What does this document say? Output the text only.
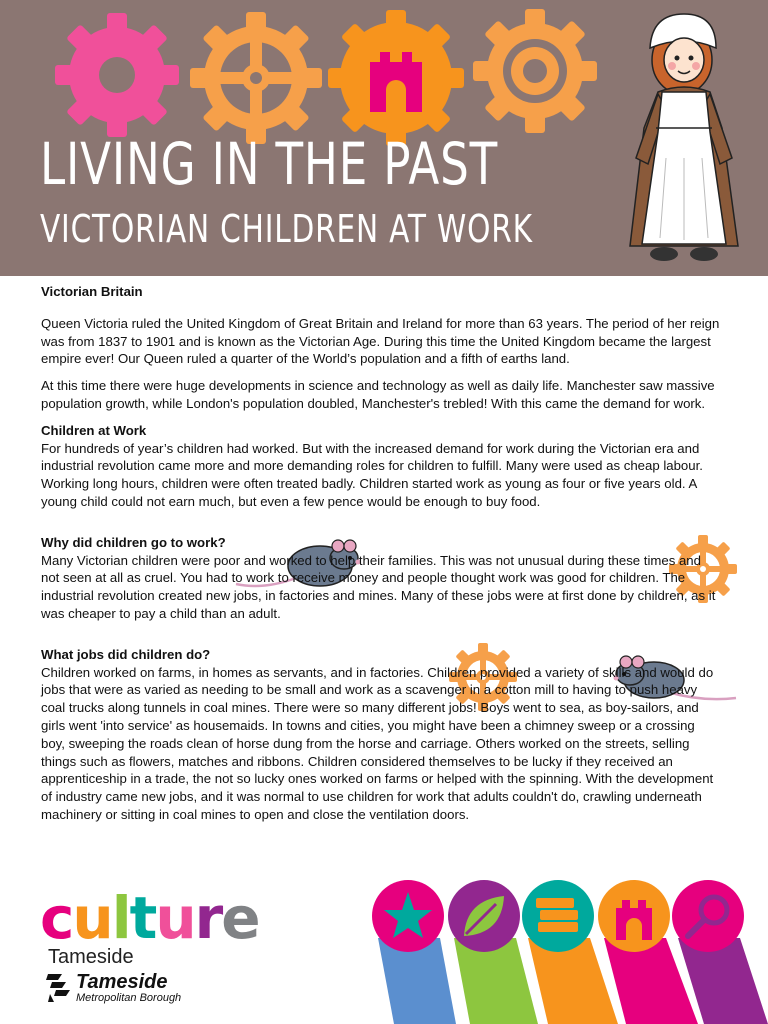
LIVING IN THE PAST
VICTORIAN CHILDREN AT WORK
Victorian Britain

Queen Victoria ruled the United Kingdom of Great Britain and Ireland for more than 63 years. The period of her reign was from 1837 to 1901 and is known as the Victorian Age. During this time the United Kingdom became the largest empire ever! Our Queen ruled a quarter of the World’s population and a fifth of earths land.

At this time there were huge developments in science and technology as well as daily life. Manchester saw massive population growth, while London's population doubled, Manchester's trebled! With this came the demand for work.

Children at Work

For hundreds of year’s children had worked. But with the increased demand for work during the Victorian era and industrial revolution came more and more demanding roles for children to fulfill. Many were used as cheap labour. Working long hours, children were often treated badly. Children started work as young as four or five years old. A young child could not earn much, but even a few pence would be enough to buy food.

Why did children go to work?

Many Victorian children were poor and worked to help their families. This was not unusual during these times and not seen at all as cruel. You had to work to receive money and people thought work was good for children. The industrial revolution created new jobs, in factories and mines. Many of these jobs were at first done by children, as it was cheaper to pay a child than an adult.

What jobs did children do?

Children worked on farms, in homes as servants, and in factories. Children provided a variety of skills and would do jobs that were as varied as needing to be small and work as a scavenger in a cotton mill to having to push heavy coal trucks along tunnels in coal mines. There were so many different jobs! Boys went to sea, as boy-sailors, and girls went 'into service' as housemaids. In towns and cities, you might have been a chimney sweep or a crossing boy, sweeping the roads clean of horse dung from the horse and carriage. Others worked on the streets, selling things such as flowers, matches and ribbons. Children considered themselves to be lucky if they received an apprenticeship in a trade, the not so lucky ones worked on farms or helped with the spinning. With the development of industry came new jobs, and it was normal to use children for work that adults couldn't do, crawling underneath machinery or sitting in coal mines to open and close the ventilation doors.

culture
Tameside
Tameside
Metropolitan Borough
